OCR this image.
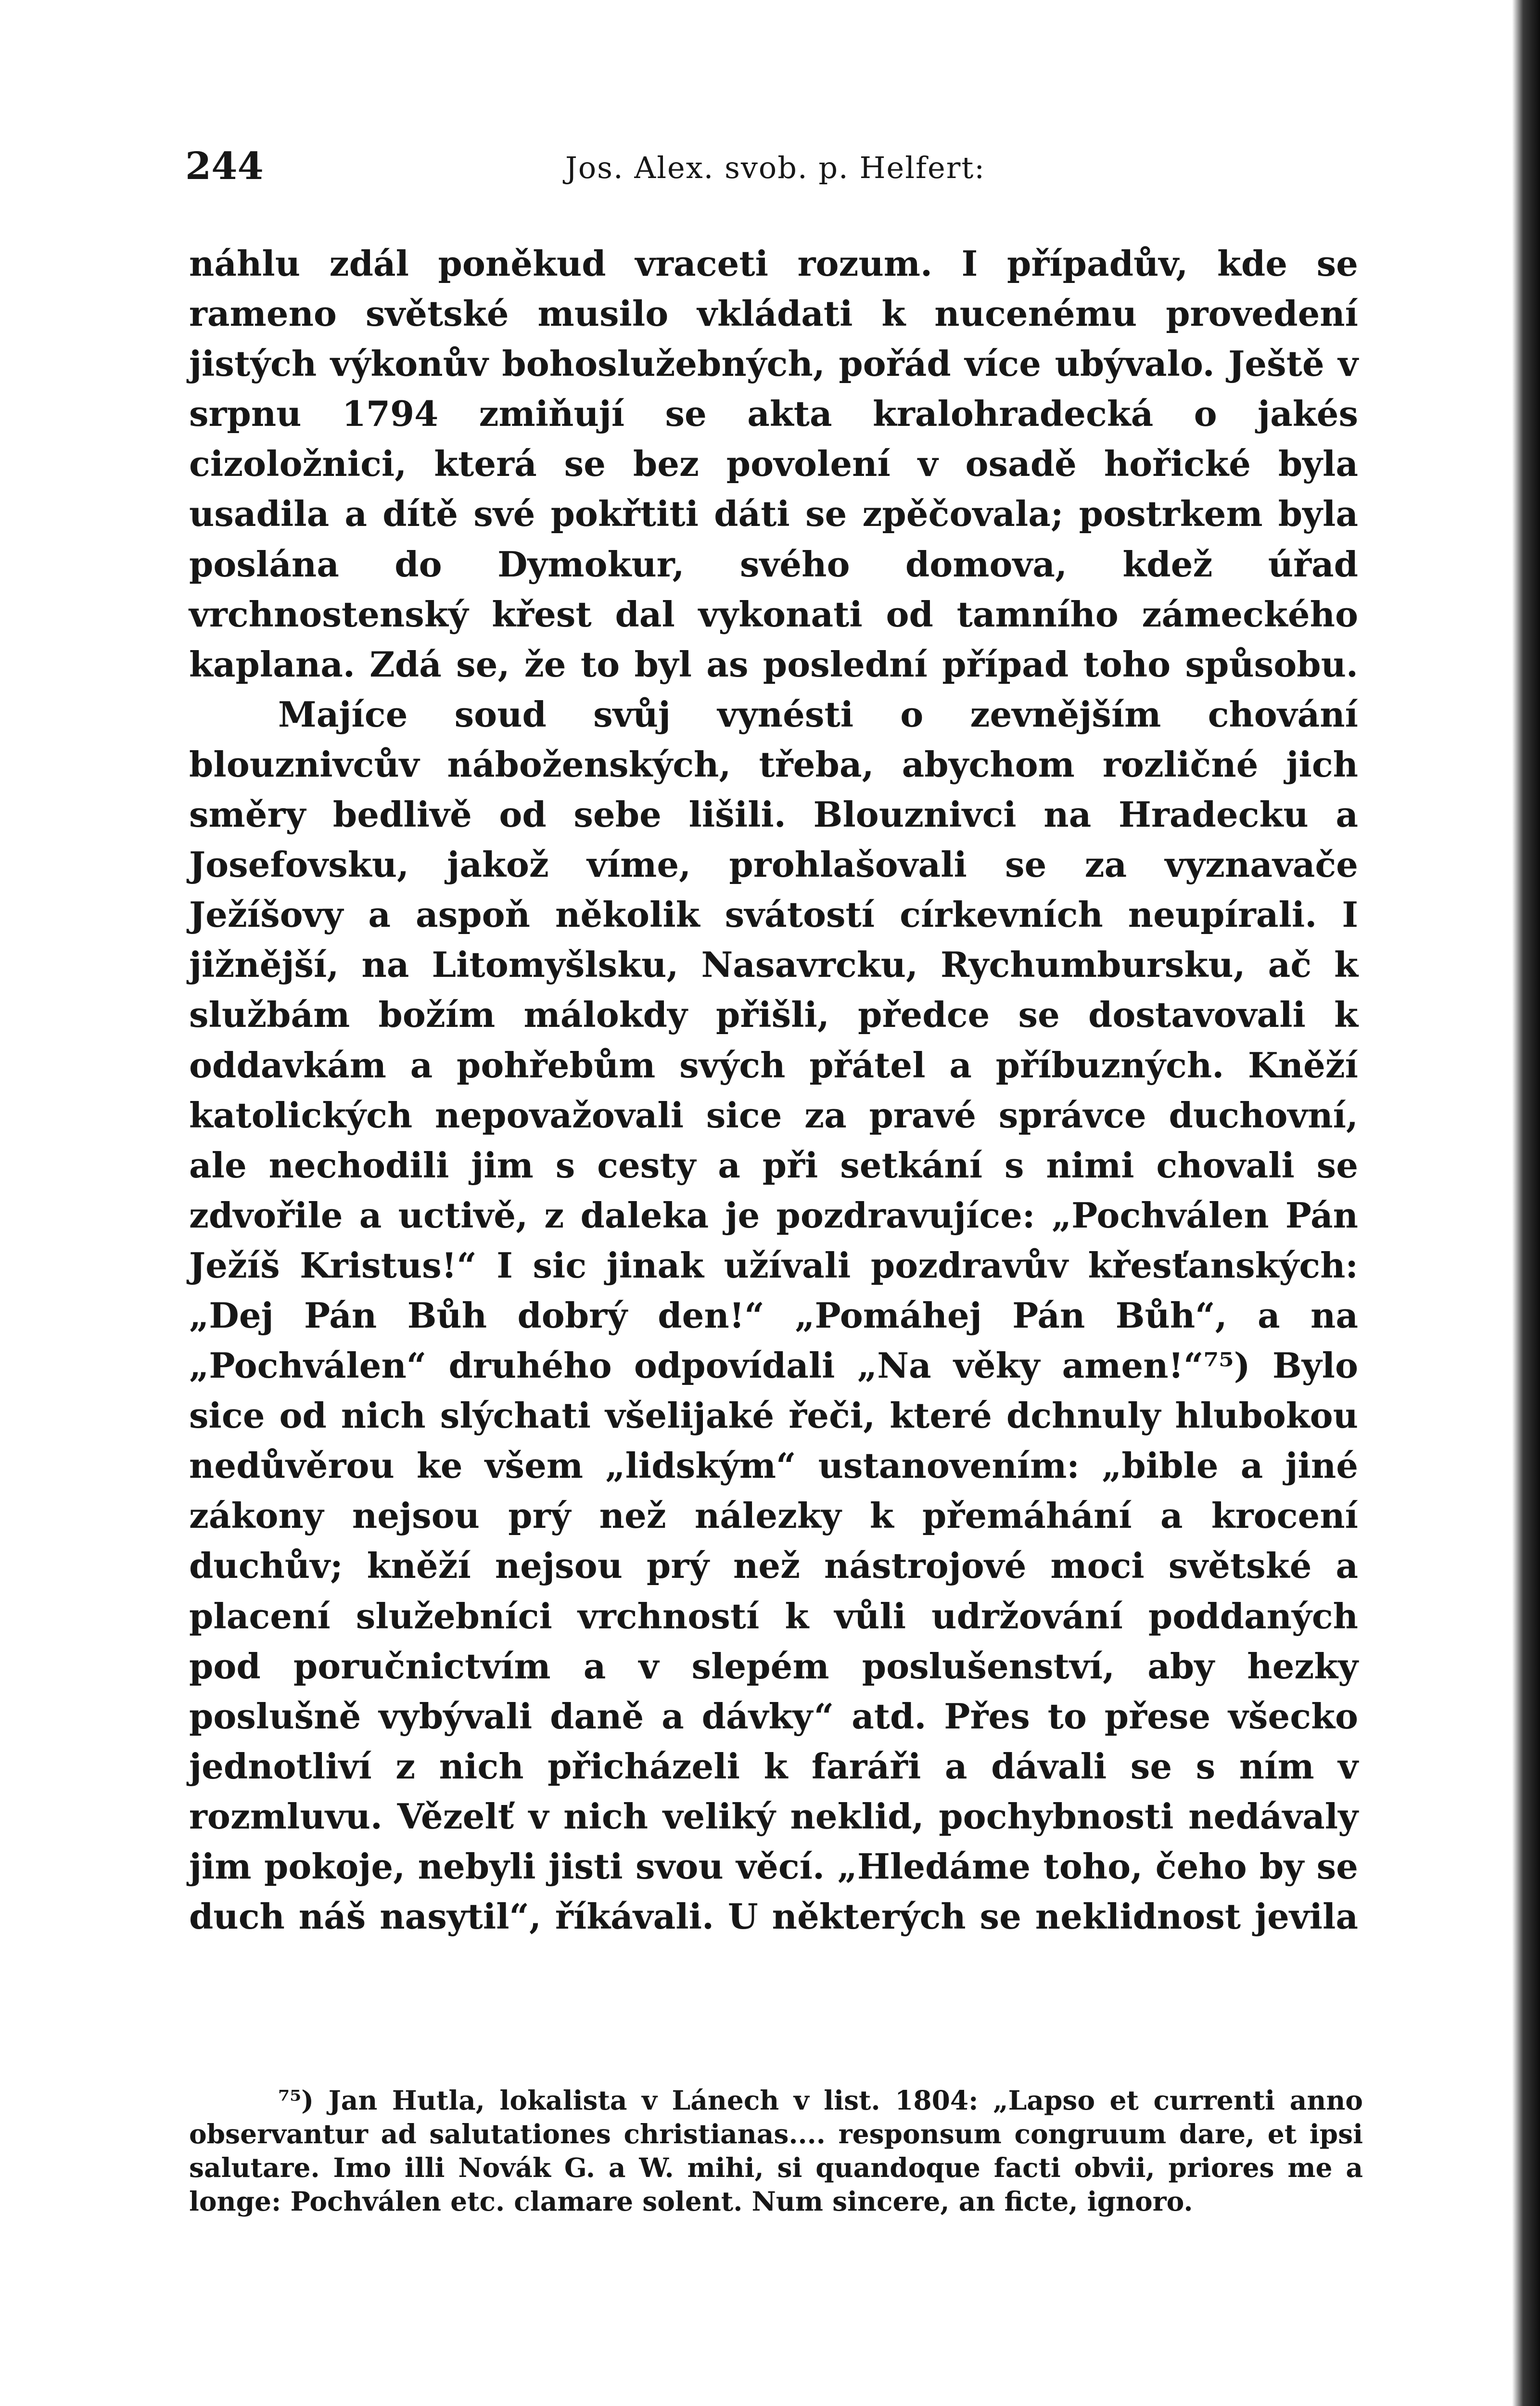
244	Jos. Alex. svob. p. Helfert:

náhlu zdál poněkud vraceti rozum. I případův, kde se rameno světské musilo vkládati k nucenému provedení jistých výkonův bohoslužebných, pořád více ubývalo. Ještě v srpnu 1794 zmiňují se akta kralohradecká o jakés cizoložnici, která se bez povolení v osadě hořické byla usadila a dítě své pokřtiti dáti se zpěčovala; postrkem byla poslána do Dymokur, svého domova, kdež úřad vrchnostenský křest dal vykonati od tamního zámeckého kaplana. Zdá se, že to byl as poslední případ toho spůsobu.

Majíce soud svůj vynésti o zevnějším chování blouznivcův náboženských, třeba, abychom rozličné jich směry bedlivě od sebe lišili. Blouznivci na Hradecku a Josefovsku, jakož víme, prohlašovali se za vyznavače Ježíšovy a aspoň několik svátostí církevních neupírali. I jižnější, na Litomyšlsku, Nasavrcku, Rychumbursku, ač k službám božím málokdy přišli, předce se dostavovali k oddavkám a pohřebům svých přátel a příbuzných. Kněží katolických nepovažovali sice za pravé správce duchovní, ale nechodili jim s cesty a při setkání s nimi chovali se zdvořile a uctivě, z daleka je pozdravujíce: „Pochválen Pán Ježíš Kristus!“ I sic jinak užívali pozdravův křesťanských: „Dej Pán Bůh dobrý den!“ „Pomáhej Pán Bůh“, a na „Pochválen“ druhého odpovídali „Na věky amen!“⁷⁵) Bylo sice od nich slýchati všelijaké řeči, které dchnuly hlubokou nedůvěrou ke všem „lidským“ ustanovením: „bible a jiné zákony nejsou prý než nálezky k přemáhání a krocení duchův; kněží nejsou prý než nástrojové moci světské a placení služebníci vrchností k vůli udržování poddaných pod poručnictvím a v slepém poslušenství, aby hezky poslušně vybývali daně a dávky“ atd. Přes to přese všecko jednotliví z nich přicházeli k faráři a dávali se s ním v rozmluvu. Vězelť v nich veliký neklid, pochybnosti nedávaly jim pokoje, nebyli jisti svou věcí. „Hledáme toho, čeho by se duch náš nasytil“, říkávali. U některých se neklidnost jevila

⁷⁵) Jan Hutla, lokalista v Lánech v list. 1804: „Lapso et currenti anno observantur ad salutationes christianas.... responsum congruum dare, et ipsi salutare. Imo illi Novák G. a W. mihi, si quandoque facti obvii, priores me a longe: Pochválen etc. clamare solent. Num sincere, an ficte, ignoro.
